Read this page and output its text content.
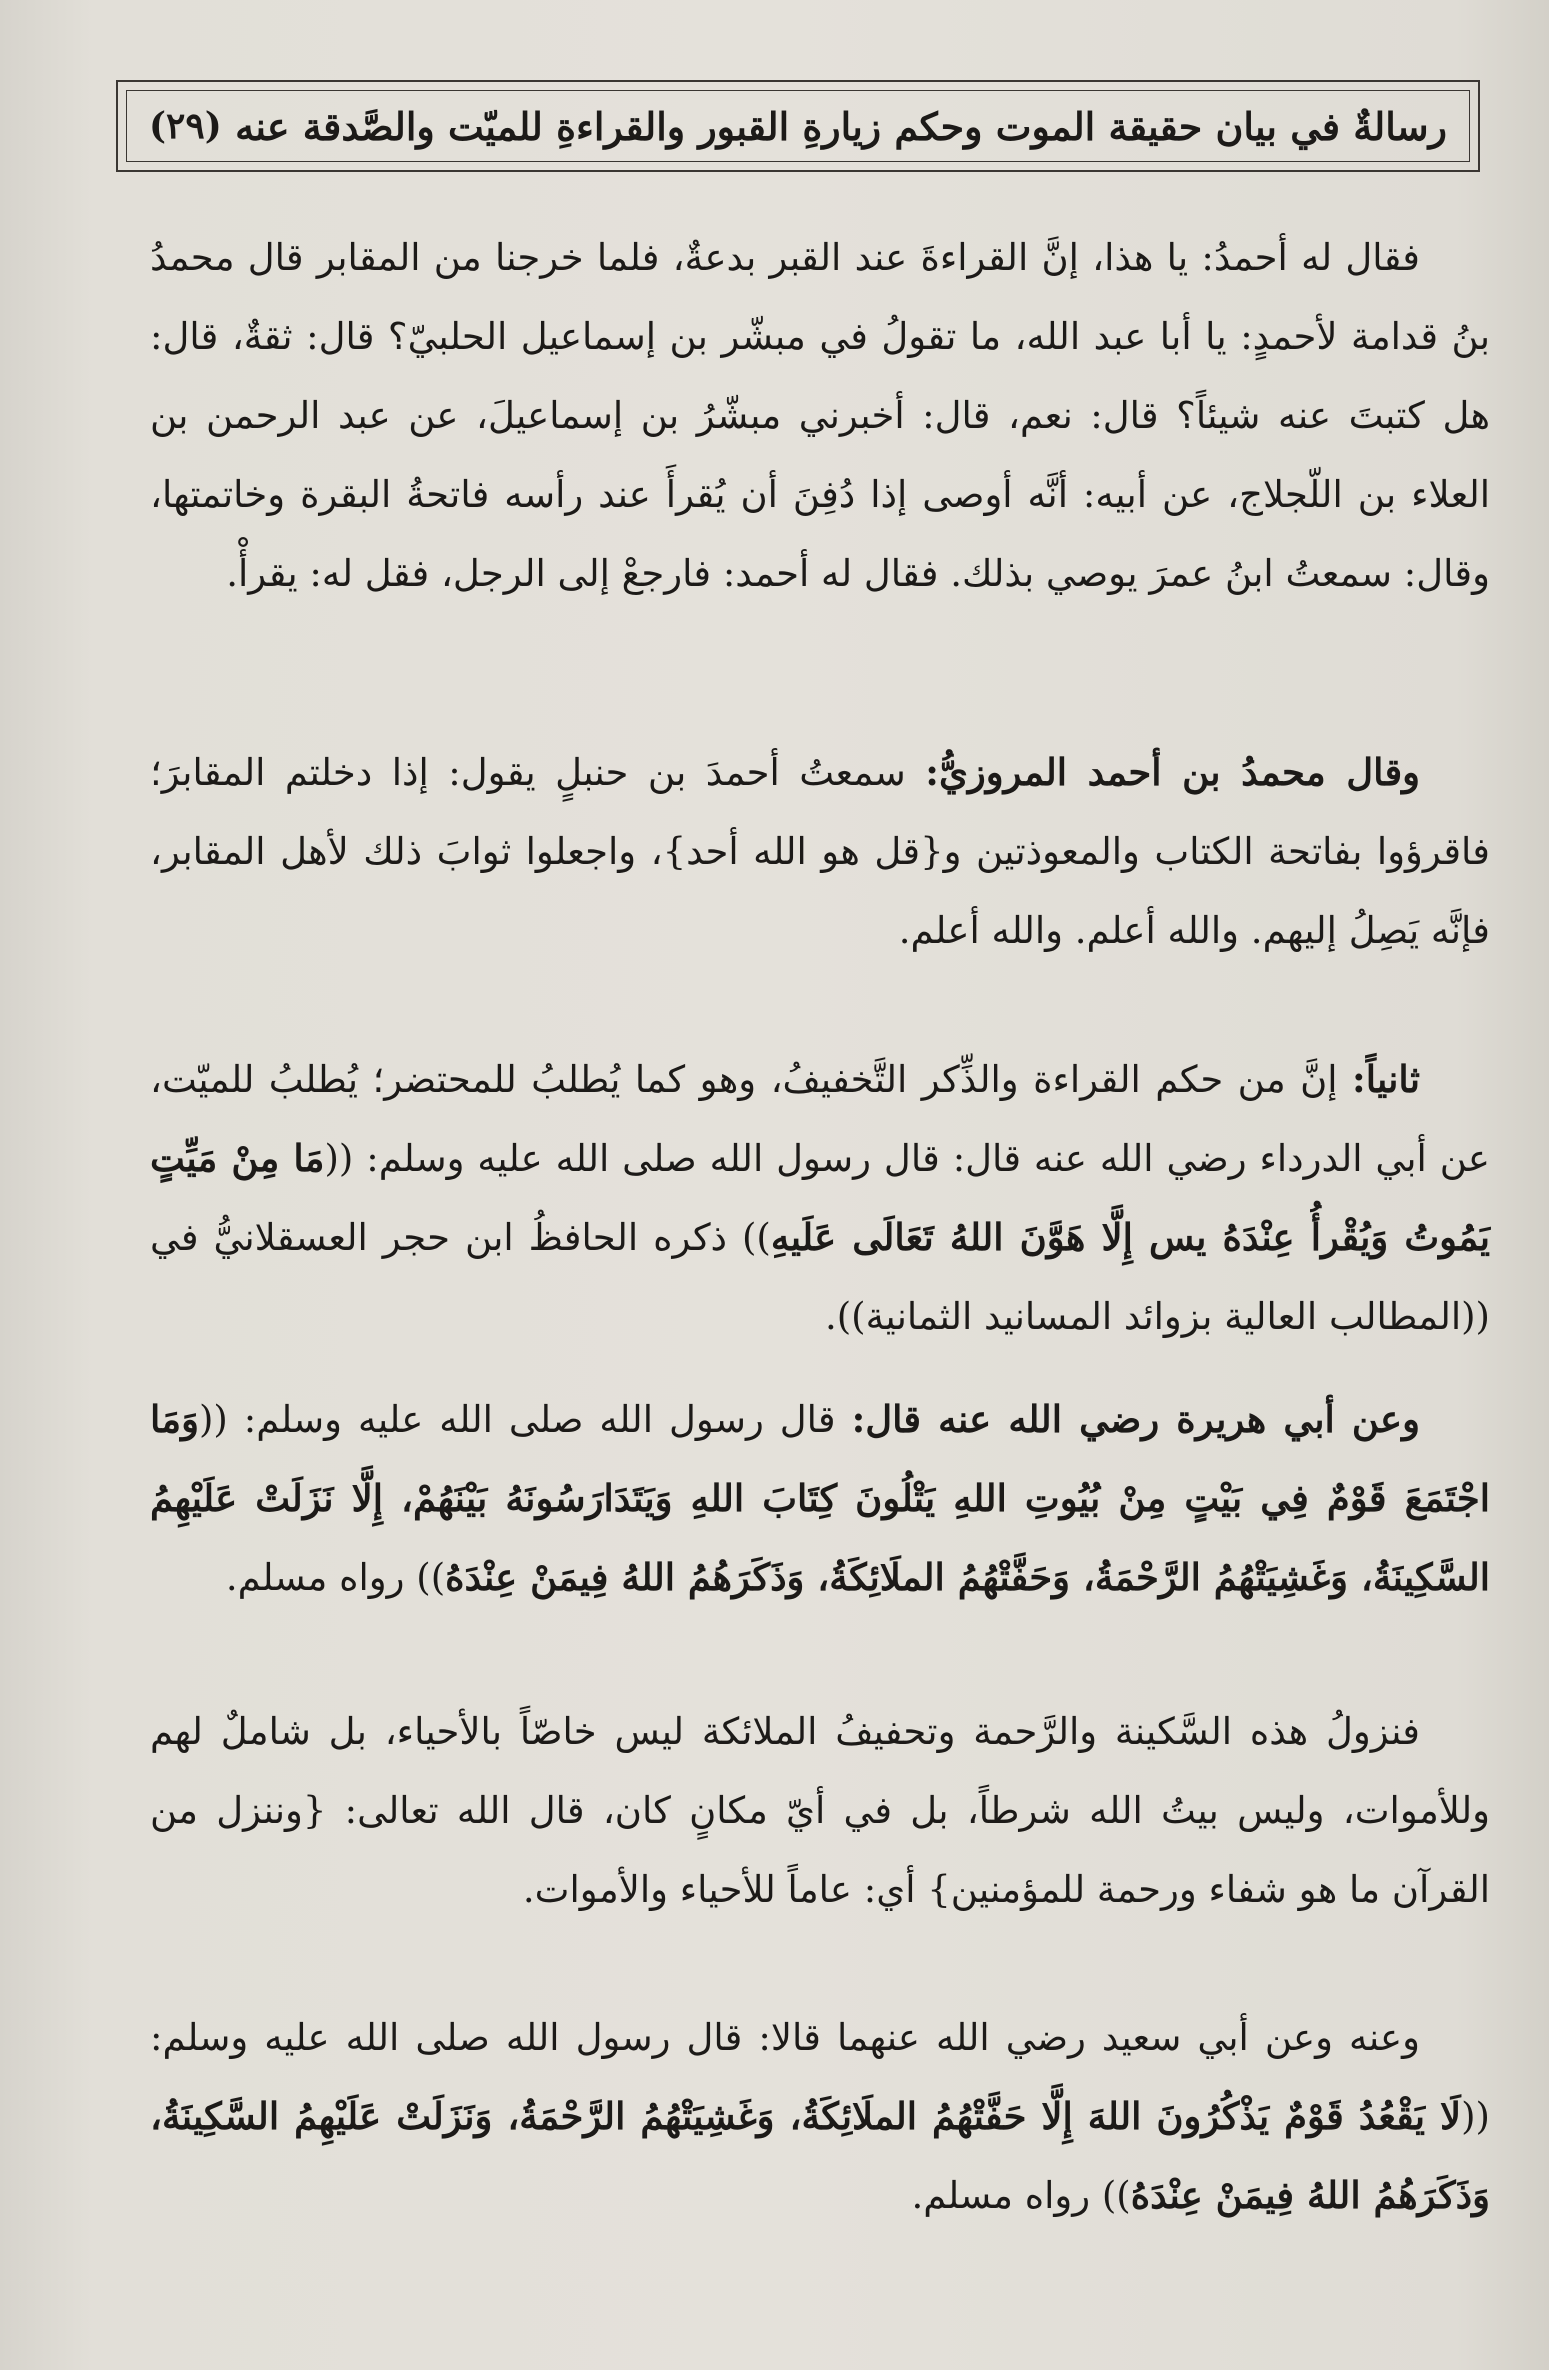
رسالةٌ في بيان حقيقة الموت وحكم زيارةِ القبور والقراءةِ للميّت والصَّدقة عنه
(٢٩)

فقال له أحمدُ: يا هذا، إنَّ القراءةَ عند القبر بدعةٌ، فلما خرجنا من المقابر قال محمدُ بنُ قدامة لأحمدٍ: يا أبا عبد الله، ما تقولُ في مبشّر بن إسماعيل الحلبيّ؟ قال: ثقةٌ، قال: هل كتبتَ عنه شيئاً؟ قال: نعم، قال: أخبرني مبشّرُ بن إسماعيلَ، عن عبد الرحمن بن العلاء بن اللّجلاج، عن أبيه: أنَّه أوصى إذا دُفِنَ أن يُقرأَ عند رأسه فاتحةُ البقرة وخاتمتها، وقال: سمعتُ ابنُ عمرَ يوصي بذلك. فقال له أحمد: فارجعْ إلى الرجل، فقل له: يقرأْ.

وقال محمدُ بن أحمد المروزيُّ: سمعتُ أحمدَ بن حنبلٍ يقول: إذا دخلتم المقابرَ؛ فاقرؤوا بفاتحة الكتاب والمعوذتين و{قل هو الله أحد}، واجعلوا ثوابَ ذلك لأهل المقابر، فإنَّه يَصِلُ إليهم. والله أعلم. والله أعلم.

ثانياً: إنَّ من حكم القراءة والذِّكر التَّخفيفُ، وهو كما يُطلبُ للمحتضر؛ يُطلبُ للميّت، عن أبي الدرداء رضي الله عنه قال: قال رسول الله صلى الله عليه وسلم: ((مَا مِنْ مَيِّتٍ يَمُوتُ وَيُقْرأُ عِنْدَهُ يس إِلَّا هَوَّنَ اللهُ تَعَالَى عَلَيهِ)) ذكره الحافظُ ابن حجر العسقلانيُّ في ((المطالب العالية بزوائد المسانيد الثمانية)).

وعن أبي هريرة رضي الله عنه قال: قال رسول الله صلى الله عليه وسلم: ((وَمَا اجْتَمَعَ قَوْمٌ فِي بَيْتٍ مِنْ بُيُوتِ اللهِ يَتْلُونَ كِتَابَ اللهِ وَيَتَدَارَسُونَهُ بَيْنَهُمْ، إِلَّا نَزَلَتْ عَلَيْهِمُ السَّكِينَةُ، وَغَشِيَتْهُمُ الرَّحْمَةُ، وَحَفَّتْهُمُ الملَائِكَةُ، وَذَكَرَهُمُ اللهُ فِيمَنْ عِنْدَهُ)) رواه مسلم.

فنزولُ هذه السَّكينة والرَّحمة وتحفيفُ الملائكة ليس خاصّاً بالأحياء، بل شاملٌ لهم وللأموات، وليس بيتُ الله شرطاً، بل في أيّ مكانٍ كان، قال الله تعالى: {وننزل من القرآن ما هو شفاء ورحمة للمؤمنين} أي: عاماً للأحياء والأموات.

وعنه وعن أبي سعيد رضي الله عنهما قالا: قال رسول الله صلى الله عليه وسلم: ((لَا يَقْعُدُ قَوْمٌ يَذْكُرُونَ اللهَ إِلَّا حَفَّتْهُمُ الملَائِكَةُ، وَغَشِيَتْهُمُ الرَّحْمَةُ، وَنَزَلَتْ عَلَيْهِمُ السَّكِينَةُ، وَذَكَرَهُمُ اللهُ فِيمَنْ عِنْدَهُ)) رواه مسلم.
